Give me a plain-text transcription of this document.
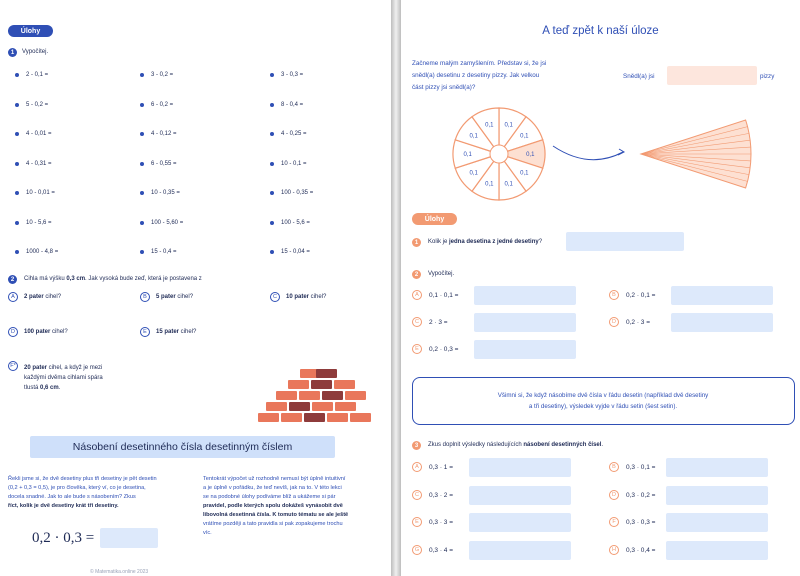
Úlohy
1	Vypočítej.
2 - 0,1 =	3 - 0,2 =	3 - 0,3 =
5 - 0,2 =	6 - 0,2 =	8 - 0,4 =
4 - 0,01 =	4 - 0,12 =	4 - 0,25 =
4 - 0,31 =	6 - 0,55 =	10 - 0,1 =
10 - 0,01 =	10 - 0,35 =	100 - 0,35 =
10 - 5,6 =	100 - 5,60 =	100 - 5,6 =
1000 - 4,8 =	15 - 0,4 =	15 - 0,04 =
2	Cihla má výšku 0,3 cm. Jak vysoká bude zeď, která je postavena z
A	2 pater cihel?	B	5 pater cihel?	C	10 pater cihel?
D	100 pater cihel?	E	15 pater cihel?
F*	20 pater cihel, a když je mezi
každými dvěma cihlami spára
tlustá 0,6 cm.
Násobení desetinného čísla desetinným číslem
Řekli jsme si, že dvě desetiny plus tři desetiny je pět desetin
(0,2 + 0,3 = 0,5), je pro člověka, který ví, co je desetina,
docela snadné. Jak to ale bude s násobením? Zkus
říct, kolik je dvě desetiny krát tři desetiny.
Tentokrát výpočet už rozhodně nemusí být úplně intuitivní
a je úplně v pořádku, že teď nevíš, jak na to. V této lekci
se na podobné úlohy podíváme blíž a ukážeme si pár
pravidel, podle kterých spolu dokážeš vynásobit dvě
libovolná desetinná čísla. K tomuto tématu se ale ještě
vrátíme později a tato pravidla si pak zopakujeme trochu
víc.
0,2 · 0,3 =
© Matematika.online 2023
A teď zpět k naší úloze
Začneme malým zamyšlením. Představ si, že jsi
snědl(a) desetinu z desetiny pizzy. Jak velkou
část pizzy jsi snědl(a)?
Snědl(a) jsi	pizzy
0,1
0,1
0,1
0,1
0,1
0,1
0,1
0,1
0,1
0,1
Úlohy
1	Kolik je jedna desetina z jedné desetiny?
2	Vypočítej.
A	0,1 · 0,1 =	B	0,2 · 0,1 =
C	2 · 3 =	D	0,2 · 3 =
E	0,2 · 0,3 =
Všimni si, že když násobíme dvě čísla v řádu desetin (například dvě desetiny
a tři desetiny), výsledek vyjde v řádu setin (šest setin).
3	Zkus doplnit výsledky následujících násobení desetinných čísel.
A	0,3 · 1 =	B	0,3 · 0,1 =
C	0,3 · 2 =	D	0,3 · 0,2 =
E	0,3 · 3 =	F	0,3 · 0,3 =
G	0,3 · 4 =	H	0,3 · 0,4 =
